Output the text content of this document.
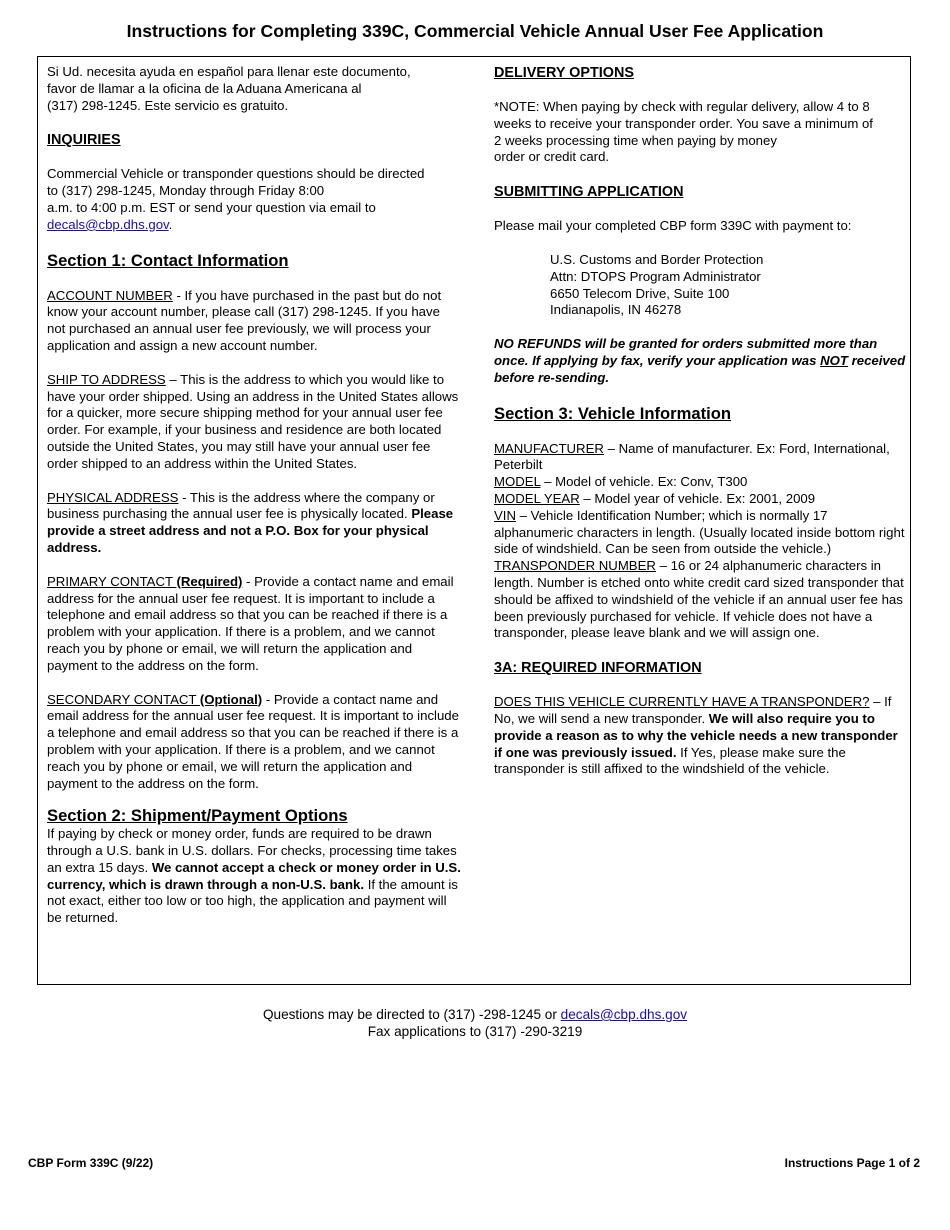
Instructions for Completing 339C, Commercial Vehicle Annual User Fee Application

Si Ud. necesita ayuda en español para llenar este documento,
favor de llamar a la oficina de la Aduana Americana al
(317) 298-1245. Este servicio es gratuito.

INQUIRIES

Commercial Vehicle or transponder questions should be directed
to (317) 298-1245, Monday through Friday 8:00
a.m. to 4:00 p.m. EST or send your question via email to
decals@cbp.dhs.gov.

Section 1: Contact Information

ACCOUNT NUMBER - If you have purchased in the past but do not know your account number, please call (317) 298-1245. If you have not purchased an annual user fee previously, we will process your application and assign a new account number.

SHIP TO ADDRESS – This is the address to which you would like to have your order shipped. Using an address in the United States allows for a quicker, more secure shipping method for your annual user fee order. For example, if your business and residence are both located outside the United States, you may still have your annual user fee order shipped to an address within the United States.

PHYSICAL ADDRESS - This is the address where the company or business purchasing the annual user fee is physically located. Please provide a street address and not a P.O. Box for your physical address.

PRIMARY CONTACT (Required) - Provide a contact name and email address for the annual user fee request. It is important to include a telephone and email address so that you can be reached if there is a problem with your application. If there is a problem, and we cannot reach you by phone or email, we will return the application and payment to the address on the form.

SECONDARY CONTACT (Optional) - Provide a contact name and email address for the annual user fee request. It is important to include a telephone and email address so that you can be reached if there is a problem with your application. If there is a problem, and we cannot reach you by phone or email, we will return the application and payment to the address on the form.

Section 2: Shipment/Payment Options

If paying by check or money order, funds are required to be drawn through a U.S. bank in U.S. dollars. For checks, processing time takes an extra 15 days. We cannot accept a check or money order in U.S. currency, which is drawn through a non-U.S. bank. If the amount is not exact, either too low or too high, the application and payment will be returned.

DELIVERY OPTIONS

*NOTE: When paying by check with regular delivery, allow 4 to 8
weeks to receive your transponder order. You save a minimum of
2 weeks processing time when paying by money
order or credit card.

SUBMITTING APPLICATION

Please mail your completed CBP form 339C with payment to:

U.S. Customs and Border Protection
Attn: DTOPS Program Administrator
6650 Telecom Drive, Suite 100
Indianapolis, IN 46278

NO REFUNDS will be granted for orders submitted more than once. If applying by fax, verify your application was NOT received before re-sending.

Section 3: Vehicle Information

MANUFACTURER – Name of manufacturer. Ex: Ford, International, Peterbilt
MODEL – Model of vehicle. Ex: Conv, T300
MODEL YEAR – Model year of vehicle. Ex: 2001, 2009
VIN – Vehicle Identification Number; which is normally 17 alphanumeric characters in length. (Usually located inside bottom right side of windshield. Can be seen from outside the vehicle.)
TRANSPONDER NUMBER – 16 or 24 alphanumeric characters in length. Number is etched onto white credit card sized transponder that should be affixed to windshield of the vehicle if an annual user fee has been previously purchased for vehicle. If vehicle does not have a transponder, please leave blank and we will assign one.

3A: REQUIRED INFORMATION

DOES THIS VEHICLE CURRENTLY HAVE A TRANSPONDER? – If No, we will send a new transponder. We will also require you to provide a reason as to why the vehicle needs a new transponder if one was previously issued. If Yes, please make sure the transponder is still affixed to the windshield of the vehicle.

Questions may be directed to (317) -298-1245 or decals@cbp.dhs.gov
Fax applications to (317) -290-3219
CBP Form 339C (9/22)	Instructions Page 1 of 2
